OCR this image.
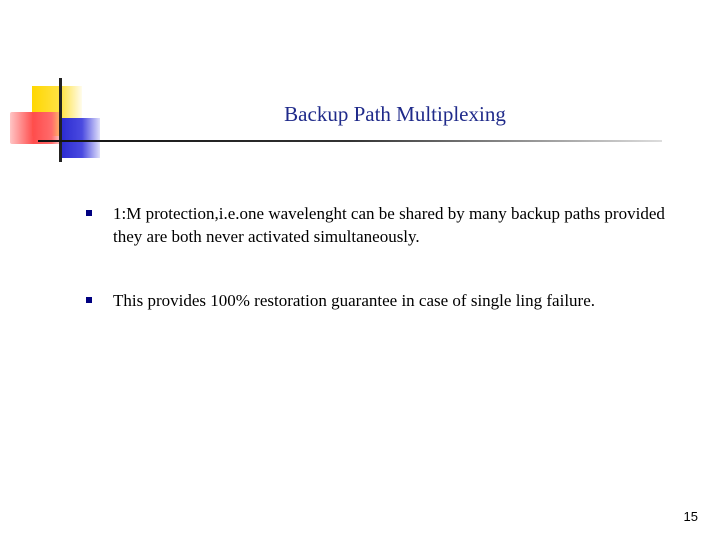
Backup Path Multiplexing
1:M protection,i.e.one wavelenght can be shared by many backup paths provided they are both never activated simultaneously.
This provides 100% restoration guarantee in case of single ling failure.
15
